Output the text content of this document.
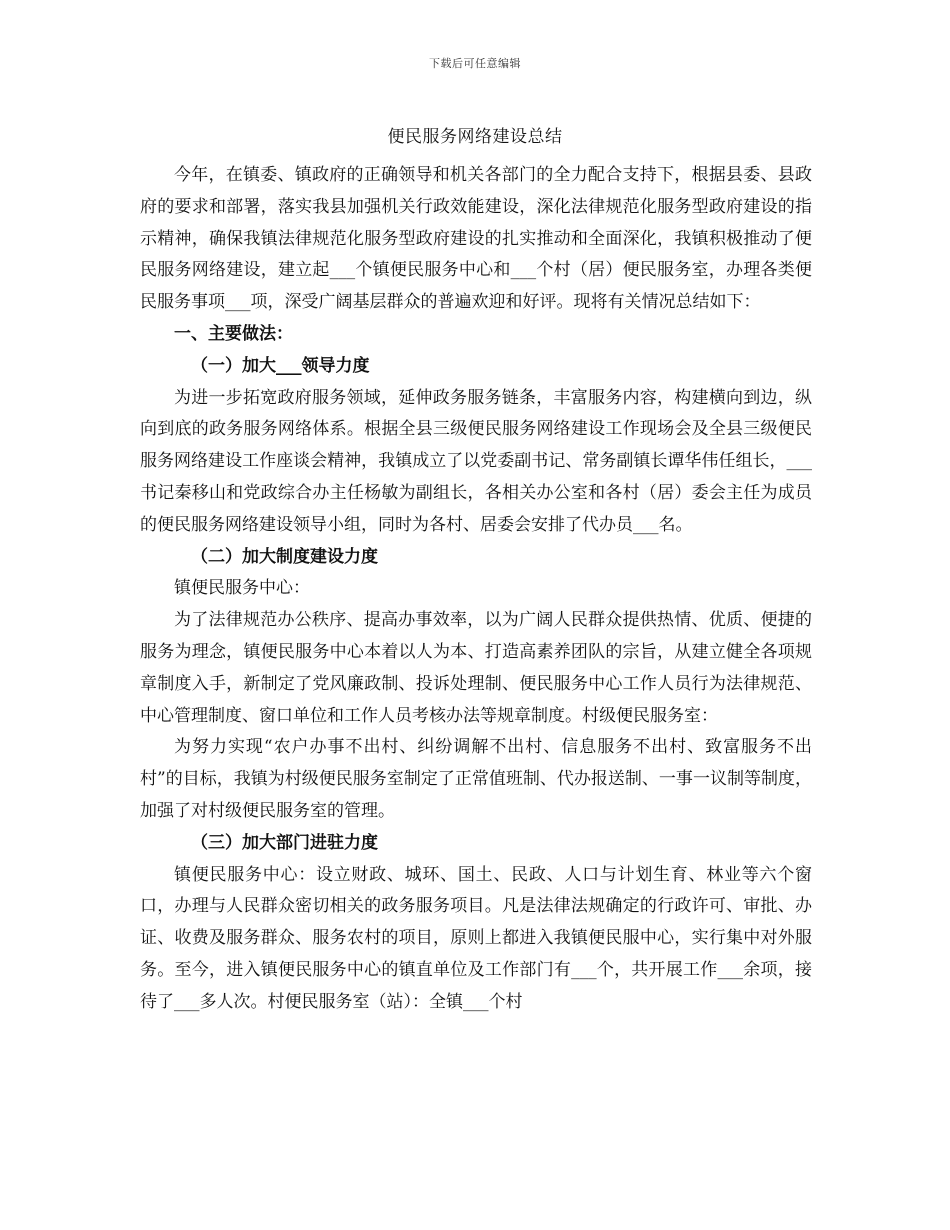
下载后可任意编辑
便民服务网络建设总结

今年，在镇委、镇政府的正确领导和机关各部门的全力配合支持下，根据县委、县政府的要求和部署，落实我县加强机关行政效能建设，深化法律规范化服务型政府建设的指示精神，确保我镇法律规范化服务型政府建设的扎实推动和全面深化，我镇积极推动了便民服务网络建设，建立起___个镇便民服务中心和___个村（居）便民服务室，办理各类便民服务事项___项，深受广阔基层群众的普遍欢迎和好评。现将有关情况总结如下：

一、主要做法：

（一）加大___领导力度

为进一步拓宽政府服务领域，延伸政务服务链条，丰富服务内容，构建横向到边，纵向到底的政务服务网络体系。根据全县三级便民服务网络建设工作现场会及全县三级便民服务网络建设工作座谈会精神，我镇成立了以党委副书记、常务副镇长谭华伟任组长，___书记秦移山和党政综合办主任杨敏为副组长，各相关办公室和各村（居）委会主任为成员的便民服务网络建设领导小组，同时为各村、居委会安排了代办员___名。

（二）加大制度建设力度

镇便民服务中心：

为了法律规范办公秩序、提高办事效率，以为广阔人民群众提供热情、优质、便捷的服务为理念，镇便民服务中心本着以人为本、打造高素养团队的宗旨，从建立健全各项规章制度入手，新制定了党风廉政制、投诉处理制、便民服务中心工作人员行为法律规范、中心管理制度、窗口单位和工作人员考核办法等规章制度。村级便民服务室：

为努力实现“农户办事不出村、纠纷调解不出村、信息服务不出村、致富服务不出村”的目标，我镇为村级便民服务室制定了正常值班制、代办报送制、一事一议制等制度，加强了对村级便民服务室的管理。

（三）加大部门进驻力度

镇便民服务中心：设立财政、城环、国土、民政、人口与计划生育、林业等六个窗口，办理与人民群众密切相关的政务服务项目。凡是法律法规确定的行政许可、审批、办证、收费及服务群众、服务农村的项目，原则上都进入我镇便民服中心，实行集中对外服务。至今，进入镇便民服务中心的镇直单位及工作部门有___个，共开展工作___余项，接待了___多人次。村便民服务室（站）：全镇___个村
